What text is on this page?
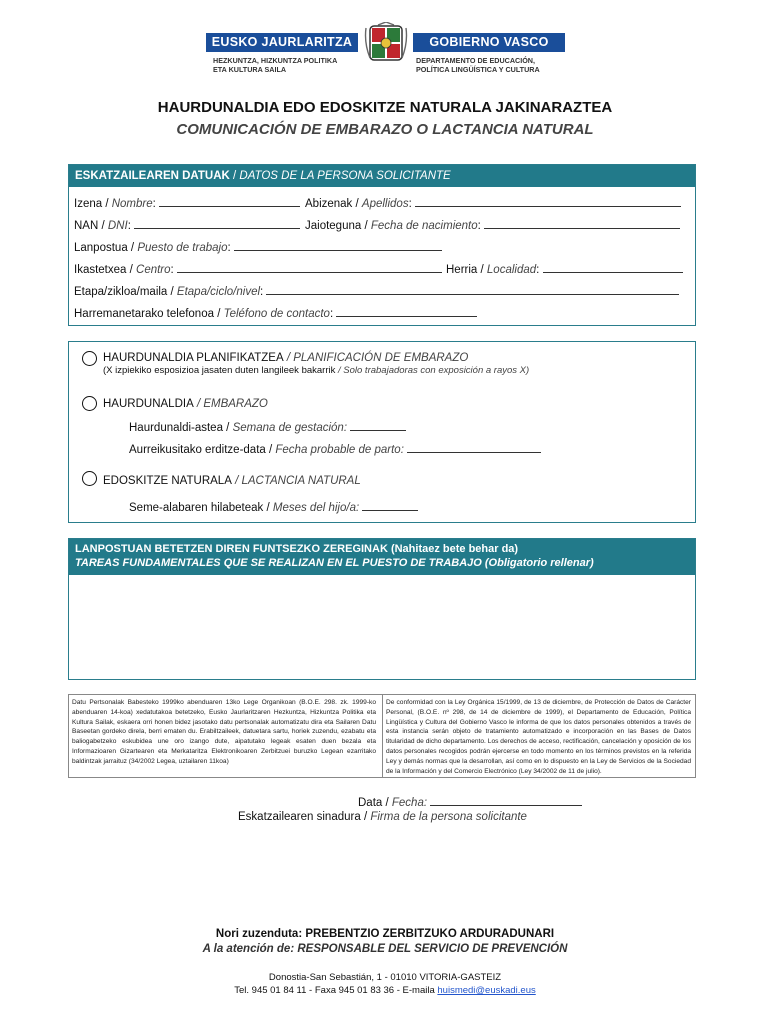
EUSKO JAURLARITZA	GOBIERNO VASCO
HEZKUNTZA, HIZKUNTZA POLITIKA
ETA KULTURA SAILA
DEPARTAMENTO DE EDUCACIÓN,
POLÍTICA LINGÜÍSTICA Y CULTURA
HAURDUNALDIA EDO EDOSKITZE NATURALA JAKINARAZTEA
COMUNICACIÓN DE EMBARAZO O LACTANCIA NATURAL
ESKATZAILEAREN DATUAK / DATOS DE LA PERSONA SOLICITANTE
Izena / Nombre:	Abizenak / Apellidos:
NAN / DNI:	Jaioteguna / Fecha de nacimiento:
Lanpostua / Puesto de trabajo:
Ikastetxea / Centro:	Herria / Localidad:
Etapa/zikloa/maila / Etapa/ciclo/nivel:
Harremanetarako telefonoa / Teléfono de contacto:
HAURDUNALDIA PLANIFIKATZEA / PLANIFICACIÓN DE EMBARAZO
(X izpiekiko esposizioa jasaten duten langileek bakarrik / Solo trabajadoras con exposición a rayos X)
HAURDUNALDIA / EMBARAZO
Haurdunaldi-astea / Semana de gestación:
Aurreikusitako erditze-data / Fecha probable de parto:
EDOSKITZE NATURALA / LACTANCIA NATURAL
Seme-alabaren hilabeteak / Meses del hijo/a:
LANPOSTUAN BETETZEN DIREN FUNTSEZKO ZEREGINAK (Nahitaez bete behar da)
TAREAS FUNDAMENTALES QUE SE REALIZAN EN EL PUESTO DE TRABAJO (Obligatorio rellenar)
Datu Pertsonalak Babesteko 1999ko abenduaren 13ko Lege Organikoan (B.O.E. 298. zk. 1999-ko abenduaren 14-koa) xedatutakoa betetzeko, Eusko Jaurlaritzaren Hezkuntza, Hizkuntza Politika eta Kultura Sailak, eskaera orri honen bidez jasotako datu pertsonalak automatizatu dira eta Sailaren Datu Baseetan gordeko direla, berri ematen du. Erabiltzaileek, datuetara sartu, horiek zuzendu, ezabatu eta baliogabetzeko eskubidea une oro izango dute, aipatutako legeak esaten duen bezala eta Informazioaren Gizartearen eta Merkataritza Elektronikoaren Zerbitzuei buruzko Legean ezarritako baldintzak jarraituz (34/2002 Legea, uztailaren 11koa)
De conformidad con la Ley Orgánica 15/1999, de 13 de diciembre, de Protección de Datos de Carácter Personal, (B.O.E. nº 298, de 14 de diciembre de 1999), el Departamento de Educación, Política Lingüística y Cultura del Gobierno Vasco le informa de que los datos personales obtenidos a través de esta instancia serán objeto de tratamiento automatizado e incorporación en las Bases de Datos titularidad de dicho departamento. Los derechos de acceso, rectificación, cancelación y oposición de los datos personales recogidos podrán ejercerse en todo momento en los términos previstos en la referida Ley y demás normas que la desarrollan, así como en lo dispuesto en la Ley de Servicios de la Sociedad de la Información y del Comercio Electrónico (Ley 34/2002 de 11 de julio).
Data / Fecha:
Eskatzailearen sinadura / Firma de la persona solicitante
Nori zuzenduta: PREBENTZIO ZERBITZUKO ARDURADUNARI
A la atención de: RESPONSABLE DEL SERVICIO DE PREVENCIÓN
Donostia-San Sebastián, 1 - 01010 VITORIA-GASTEIZ
Tel. 945 01 84 11 - Faxa 945 01 83 36 - E-maila huismedi@euskadi.eus
